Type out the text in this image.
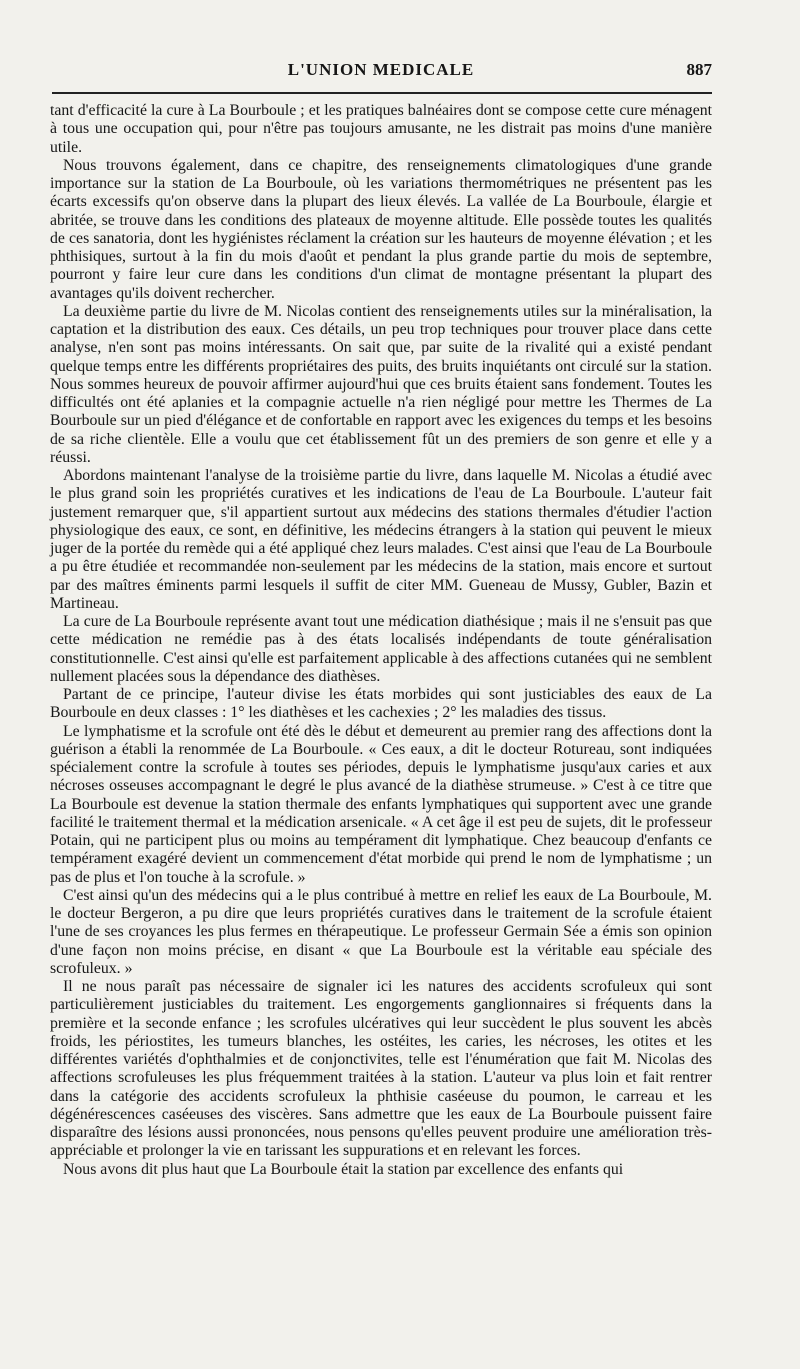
L'UNION MEDICALE	887

tant d'efficacité la cure à La Bourboule ; et les pratiques balnéaires dont se compose cette cure ménagent à tous une occupation qui, pour n'être pas toujours amusante, ne les distrait pas moins d'une manière utile.

Nous trouvons également, dans ce chapitre, des renseignements climatologiques d'une grande importance sur la station de La Bourboule, où les variations thermométriques ne présentent pas les écarts excessifs qu'on observe dans la plupart des lieux élevés. La vallée de La Bourboule, élargie et abritée, se trouve dans les conditions des plateaux de moyenne altitude. Elle possède toutes les qualités de ces sanatoria, dont les hygiénistes réclament la création sur les hauteurs de moyenne élévation ; et les phthisiques, surtout à la fin du mois d'août et pendant la plus grande partie du mois de septembre, pourront y faire leur cure dans les conditions d'un climat de montagne présentant la plupart des avantages qu'ils doivent rechercher.

La deuxième partie du livre de M. Nicolas contient des renseignements utiles sur la minéralisation, la captation et la distribution des eaux. Ces détails, un peu trop techniques pour trouver place dans cette analyse, n'en sont pas moins intéressants. On sait que, par suite de la rivalité qui a existé pendant quelque temps entre les différents propriétaires des puits, des bruits inquiétants ont circulé sur la station. Nous sommes heureux de pouvoir affirmer aujourd'hui que ces bruits étaient sans fondement. Toutes les difficultés ont été aplanies et la compagnie actuelle n'a rien négligé pour mettre les Thermes de La Bourboule sur un pied d'élégance et de confortable en rapport avec les exigences du temps et les besoins de sa riche clientèle. Elle a voulu que cet établissement fût un des premiers de son genre et elle y a réussi.

Abordons maintenant l'analyse de la troisième partie du livre, dans laquelle M. Nicolas a étudié avec le plus grand soin les propriétés curatives et les indications de l'eau de La Bourboule. L'auteur fait justement remarquer que, s'il appartient surtout aux médecins des stations thermales d'étudier l'action physiologique des eaux, ce sont, en définitive, les médecins étrangers à la station qui peuvent le mieux juger de la portée du remède qui a été appliqué chez leurs malades. C'est ainsi que l'eau de La Bourboule a pu être étudiée et recommandée non-seulement par les médecins de la station, mais encore et surtout par des maîtres éminents parmi lesquels il suffit de citer MM. Gueneau de Mussy, Gubler, Bazin et Martineau.

La cure de La Bourboule représente avant tout une médication diathésique ; mais il ne s'ensuit pas que cette médication ne remédie pas à des états localisés indépendants de toute généralisation constitutionnelle. C'est ainsi qu'elle est parfaitement applicable à des affections cutanées qui ne semblent nullement placées sous la dépendance des diathèses.

Partant de ce principe, l'auteur divise les états morbides qui sont justiciables des eaux de La Bourboule en deux classes : 1° les diathèses et les cachexies ; 2° les maladies des tissus.

Le lymphatisme et la scrofule ont été dès le début et demeurent au premier rang des affections dont la guérison a établi la renommée de La Bourboule. « Ces eaux, a dit le docteur Rotureau, sont indiquées spécialement contre la scrofule à toutes ses périodes, depuis le lymphatisme jusqu'aux caries et aux nécroses osseuses accompagnant le degré le plus avancé de la diathèse strumeuse. » C'est à ce titre que La Bourboule est devenue la station thermale des enfants lymphatiques qui supportent avec une grande facilité le traitement thermal et la médication arsenicale. « A cet âge il est peu de sujets, dit le professeur Potain, qui ne participent plus ou moins au tempérament dit lymphatique. Chez beaucoup d'enfants ce tempérament exagéré devient un commencement d'état morbide qui prend le nom de lymphatisme ; un pas de plus et l'on touche à la scrofule. »

C'est ainsi qu'un des médecins qui a le plus contribué à mettre en relief les eaux de La Bourboule, M. le docteur Bergeron, a pu dire que leurs propriétés curatives dans le traitement de la scrofule étaient l'une de ses croyances les plus fermes en thérapeutique. Le professeur Germain Sée a émis son opinion d'une façon non moins précise, en disant « que La Bourboule est la véritable eau spéciale des scrofuleux. »

Il ne nous paraît pas nécessaire de signaler ici les natures des accidents scrofuleux qui sont particulièrement justiciables du traitement. Les engorgements ganglionnaires si fréquents dans la première et la seconde enfance ; les scrofules ulcératives qui leur succèdent le plus souvent les abcès froids, les périostites, les tumeurs blanches, les ostéites, les caries, les nécroses, les otites et les différentes variétés d'ophthalmies et de conjonctivites, telle est l'énumération que fait M. Nicolas des affections scrofuleuses les plus fréquemment traitées à la station. L'auteur va plus loin et fait rentrer dans la catégorie des accidents scrofuleux la phthisie caséeuse du poumon, le carreau et les dégénérescences caséeuses des viscères. Sans admettre que les eaux de La Bourboule puissent faire disparaître des lésions aussi prononcées, nous pensons qu'elles peuvent produire une amélioration très-appréciable et prolonger la vie en tarissant les suppurations et en relevant les forces.

Nous avons dit plus haut que La Bourboule était la station par excellence des enfants qui
